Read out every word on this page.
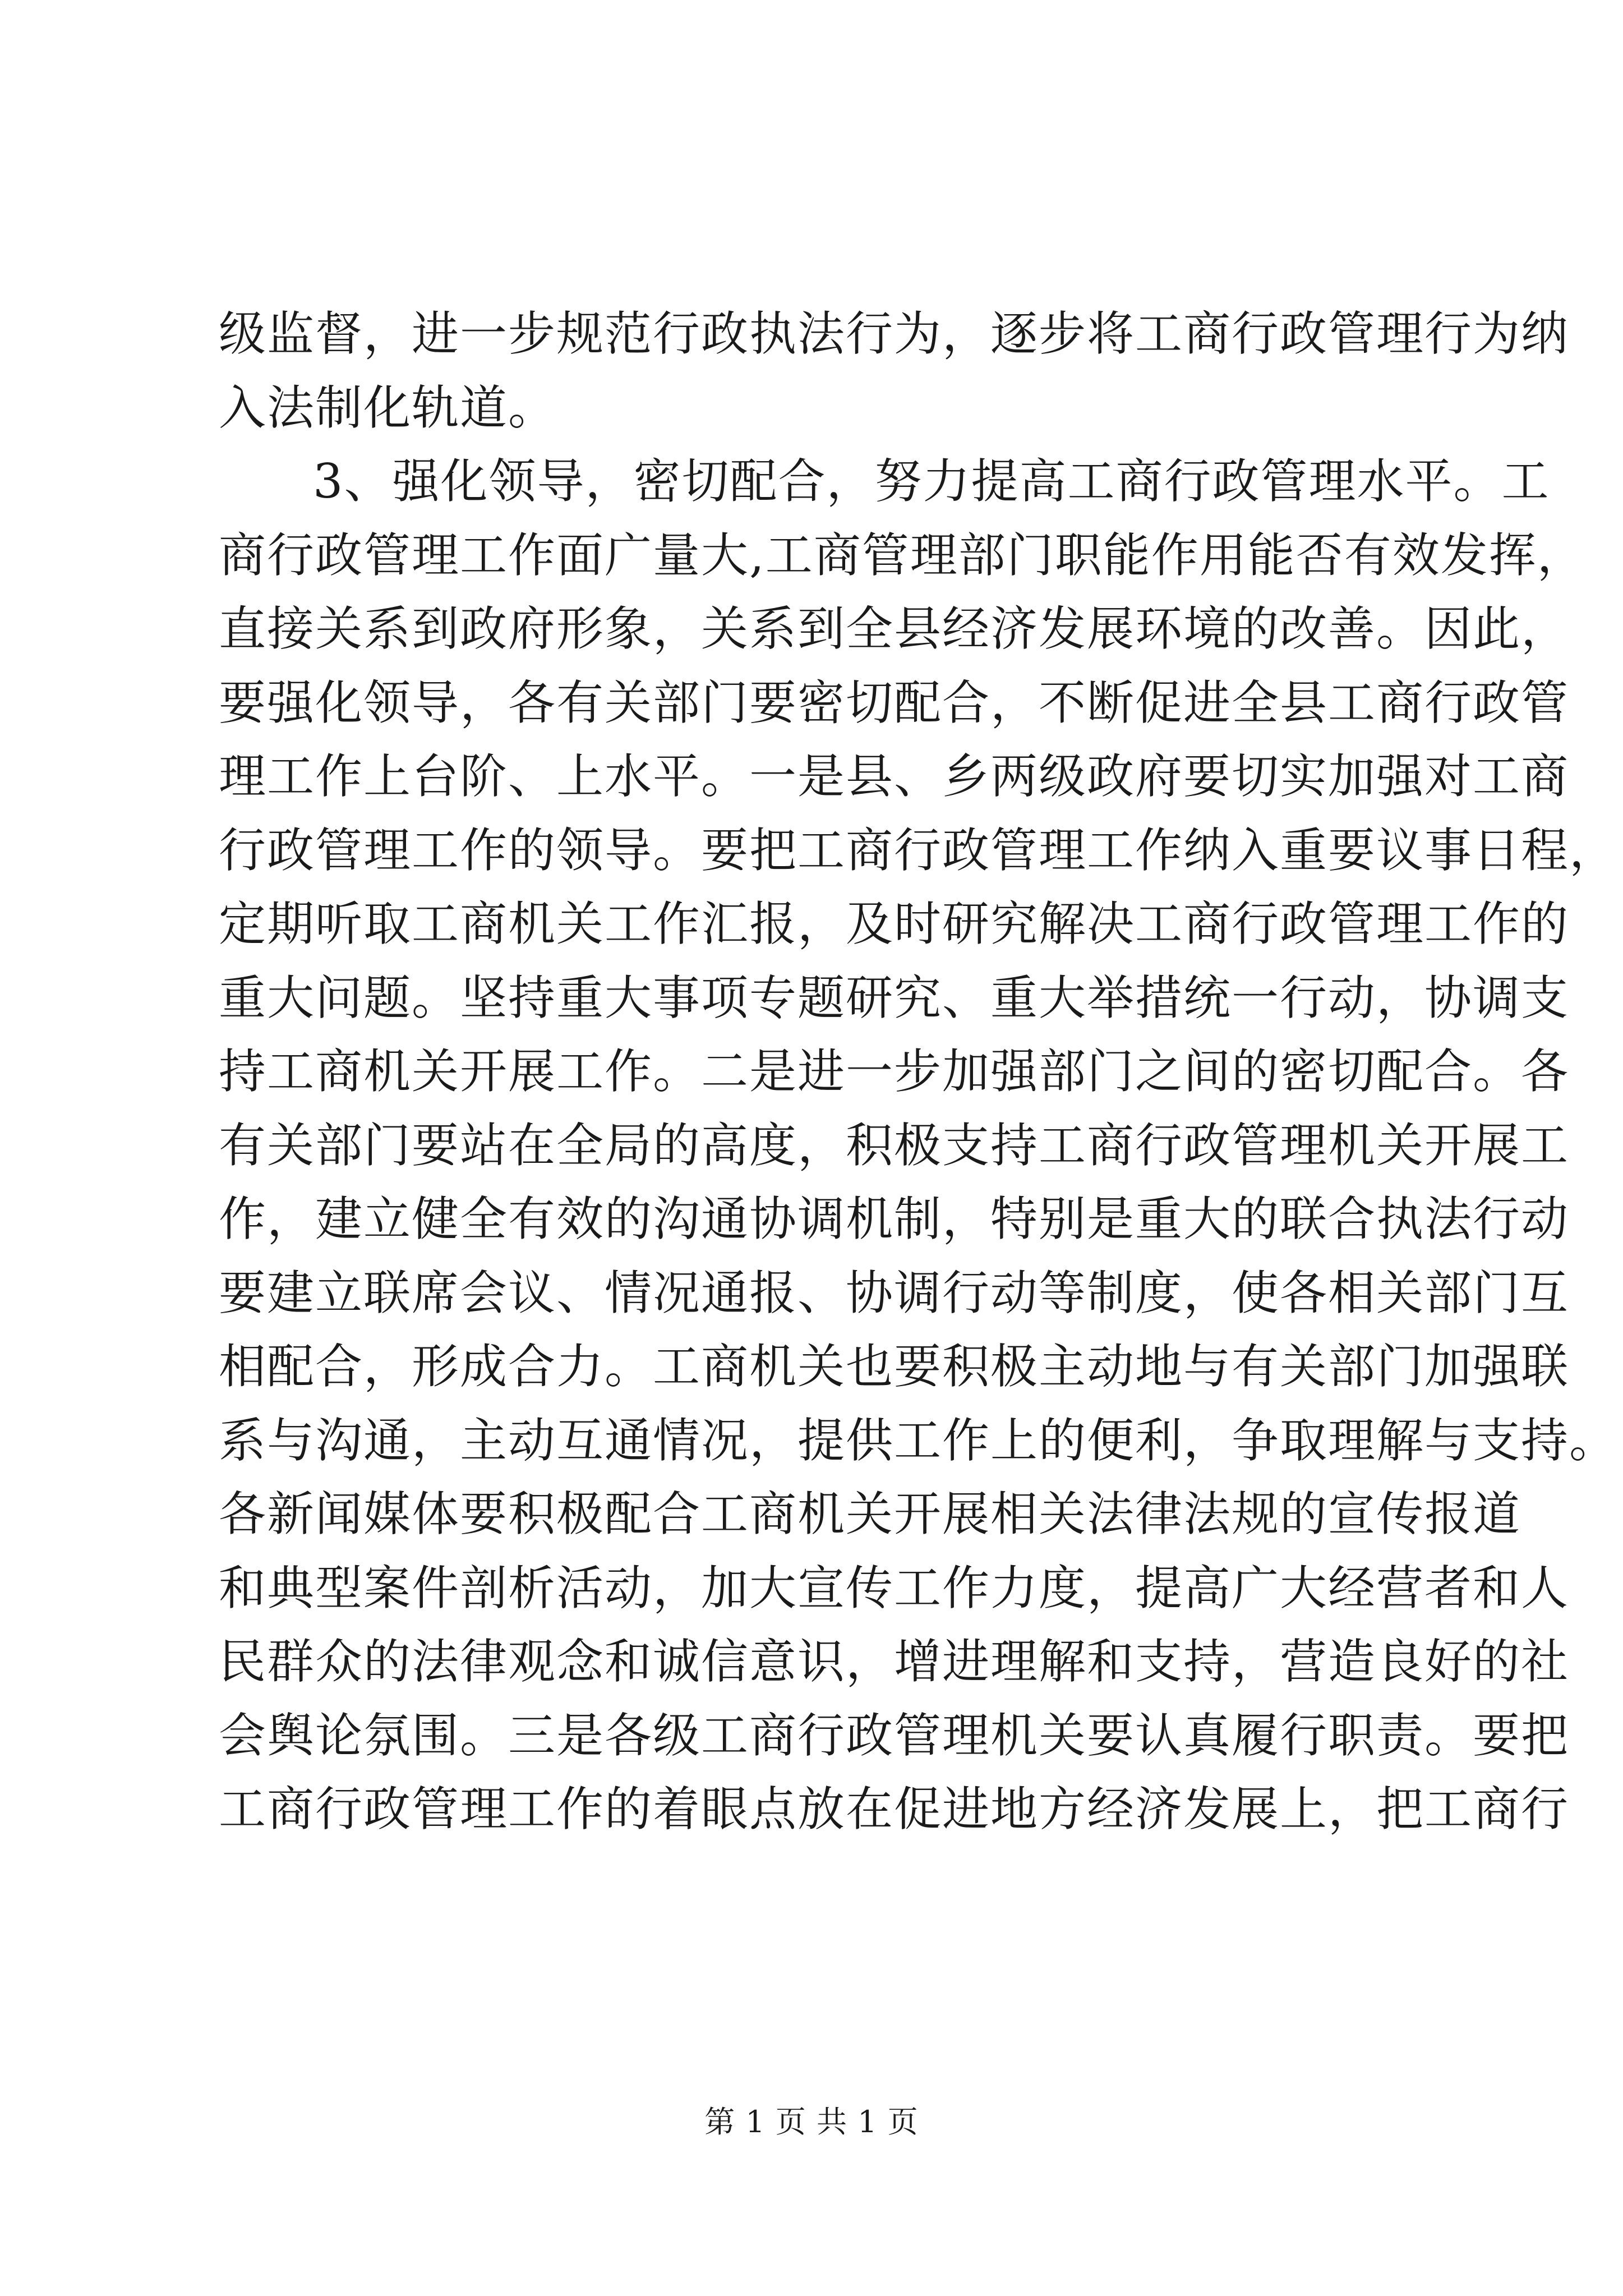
级监督，进一步规范行政执法行为，逐步将工商行政管理行为纳
入法制化轨道。
3、强化领导，密切配合，努力提高工商行政管理水平。工
商行政管理工作面广量大,工商管理部门职能作用能否有效发挥，
直接关系到政府形象，关系到全县经济发展环境的改善。因此，
要强化领导，各有关部门要密切配合，不断促进全县工商行政管
理工作上台阶、上水平。一是县、乡两级政府要切实加强对工商
行政管理工作的领导。要把工商行政管理工作纳入重要议事日程，
定期听取工商机关工作汇报，及时研究解决工商行政管理工作的
重大问题。坚持重大事项专题研究、重大举措统一行动，协调支
持工商机关开展工作。二是进一步加强部门之间的密切配合。各
有关部门要站在全局的高度，积极支持工商行政管理机关开展工
作，建立健全有效的沟通协调机制，特别是重大的联合执法行动
要建立联席会议、情况通报、协调行动等制度，使各相关部门互
相配合，形成合力。工商机关也要积极主动地与有关部门加强联
系与沟通，主动互通情况，提供工作上的便利，争取理解与支持。
各新闻媒体要积极配合工商机关开展相关法律法规的宣传报道
和典型案件剖析活动，加大宣传工作力度，提高广大经营者和人
民群众的法律观念和诚信意识，增进理解和支持，营造良好的社
会舆论氛围。三是各级工商行政管理机关要认真履行职责。要把
工商行政管理工作的着眼点放在促进地方经济发展上，把工商行
第 1 页 共 1 页
